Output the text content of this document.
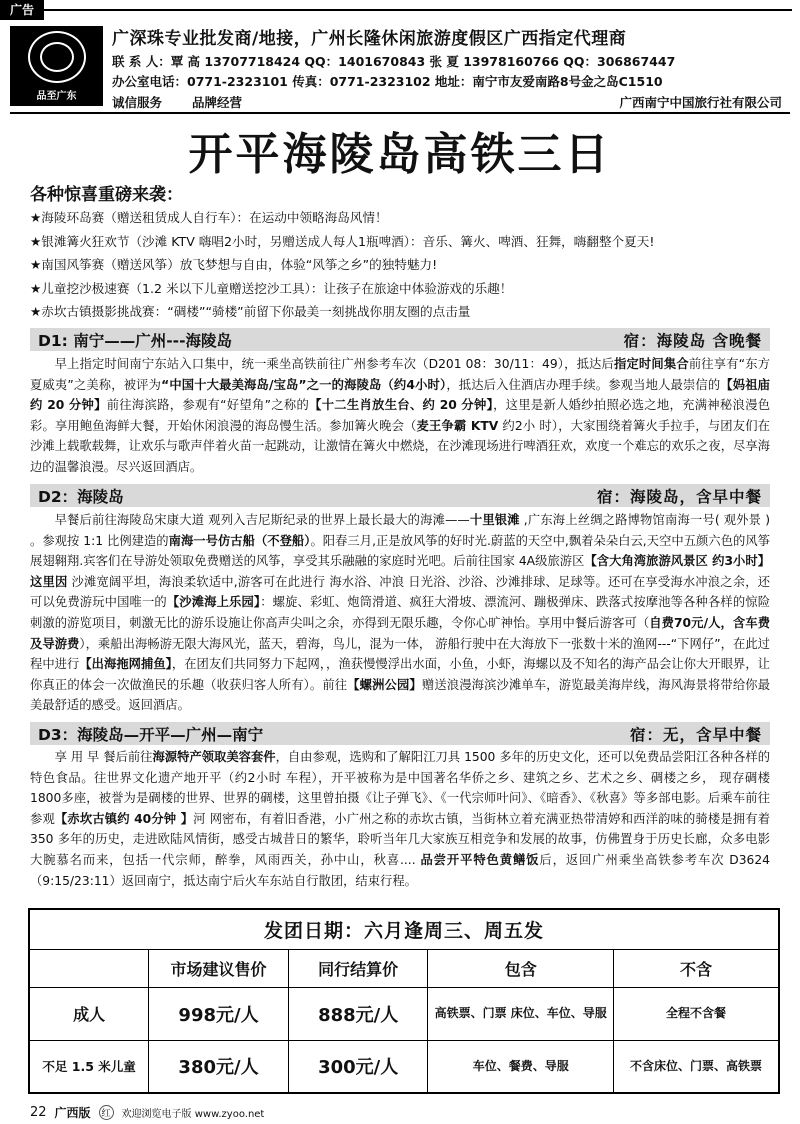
广告
品至广东
广深珠专业批发商/地接，广州长隆休闲旅游度假区广西指定代理商
联 系 人：覃 高 13707718424 QQ：1401670843 张 夏 13978160766 QQ：306867447
办公室电话：0771-2323101 传真：0771-2323102 地址：南宁市友爱南路8号金之岛C1510
诚信服务 品牌经营	广西南宁中国旅行社有限公司
开平海陵岛高铁三日
各种惊喜重磅来袭：
★海陵环岛赛（赠送租赁成人自行车）：在运动中领略海岛风情！
★银滩篝火狂欢节（沙滩 KTV 嗨唱2小时，另赠送成人每人1瓶啤酒）：音乐、篝火、啤酒、狂舞，嗨翻整个夏天!
★南国风筝赛（赠送风筝）放飞梦想与自由，体验“风筝之乡”的独特魅力!
★儿童挖沙极速赛（1.2 米以下儿童赠送挖沙工具）：让孩子在旅途中体验游戏的乐趣！
★赤坎古镇摄影挑战赛：“碉楼”“骑楼”前留下你最美一刻挑战你朋友圈的点击量
D1: 南宁——广州---海陵岛	宿：海陵岛 含晚餐
早上指定时间南宁东站入口集中，统一乘坐高铁前往广州参考车次（D201 08：30/11：49），抵达后指定时间集合前往享有“东方夏威夷”之美称，被评为“中国十大最美海岛/宝岛”之一的海陵岛（约4小时），抵达后入住酒店办理手续。参观当地人最崇信的【妈祖庙 约 20 分钟】前往海滨路，参观有“好望角”之称的【十二生肖放生台、约 20 分钟】，这里是新人婚纱拍照必选之地，充满神秘浪漫色彩。享用鲍鱼海鲜大餐，开始休闲浪漫的海岛慢生活。参加篝火晚会（麦王争霸 KTV 约2小 时），大家围绕着篝火手拉手，与团友们在沙滩上载歌载舞，让欢乐与歌声伴着火苗一起跳动，让激情在篝火中燃烧，在沙滩现场进行啤酒狂欢，欢度一个难忘的欢乐之夜，尽享海边的温馨浪漫。尽兴返回酒店。
D2：海陵岛	宿：海陵岛，含早中餐
早餐后前往海陵岛宋康大道 观列入吉尼斯纪录的世界上最长最大的海滩——十里银滩 ,广东海上丝绸之路博物馆南海一号( 观外景 ) 。参观按 1:1 比例建造的南海一号仿古船（不登船）。阳春三月,正是放风筝的好时光.蔚蓝的天空中,飘着朵朵白云,天空中五颜六色的风筝展翅翱翔.宾客们在导游处领取免费赠送的风筝，享受其乐融融的家庭时光吧。后前往国家 4A级旅游区【含大角湾旅游风景区 约3小时】这里因 沙滩宽阔平坦，海浪柔软适中,游客可在此进行 海水浴、冲浪 日光浴、沙浴、沙滩排球、足球等。还可在享受海水冲浪之余，还可以免费游玩中国唯一的【沙滩海上乐园】：螺旋、彩虹、炮筒滑道、疯狂大滑坡、漂流河、蹦极弹床、跌落式按摩池等各种各样的惊险刺激的游览项目，刺激无比的游乐设施让你高声尖叫之余，亦得到无限乐趣，令你心旷神怡。享用中餐后游客可（自费70元/人，含车费及导游费），乘船出海畅游无限大海风光，蓝天，碧海，鸟儿，混为一体， 游船行驶中在大海放下一张数十米的渔网---“下网仔”，在此过程中进行【出海拖网捕鱼】，在团友们共同努力下起网，，渔获慢慢浮出水面，小鱼，小虾，海螺以及不知名的海产品会让你大开眼界，让你真正的体会一次做渔民的乐趣（收获归客人所有）。前往【螺洲公园】赠送浪漫海滨沙滩单车，游览最美海岸线，海风海景将带给你最美最舒适的感受。返回酒店。
D3：海陵岛—开平—广州—南宁	宿：无，含早中餐
享 用 早 餐后前往海源特产领取美容套件，自由参观，选购和了解阳江刀具 1500 多年的历史文化，还可以免费品尝阳江各种各样的特色食品。往世界文化遗产地开平（约2小时 车程），开平被称为是中国著名华侨之乡、建筑之乡、艺术之乡、碉楼之乡， 现存碉楼 1800多座，被誉为是碉楼的世界、世界的碉楼，这里曾拍摄《让子弹飞》、《一代宗师叶问》、《暗香》、《秋喜》等多部电影。后乘车前往参观【赤坎古镇约 40分钟 】河 网密布，有着旧香港，小广州之称的赤坎古镇，当街林立着充满亚热带清婷和西洋韵味的骑楼是拥有着 350 多年的历史，走进欧陆风情街，感受古城昔日的繁华，聆听当年几大家族互相竞争和发展的故事，仿佛置身于历史长廊，众多电影大腕慕名而来，包括一代宗师，醉拳，风雨西关，孙中山，秋喜.... 品尝开平特色黄鳝饭后，返回广州乘坐高铁参考车次 D3624（9:15/23:11）返回南宁，抵达南宁后火车东站自行散团，结束行程。
发团日期：六月逢周三、周五发				
	市场建议售价	同行结算价	包含	不含
成人	998元/人	888元/人	高铁票、门票 床位、车位、导服	全程不含餐
不足 1.5 米儿童	380元/人	300元/人	车位、餐费、导服	不含床位、门票、高铁票
22 广西版	红	欢迎浏览电子版 www.zyoo.net
